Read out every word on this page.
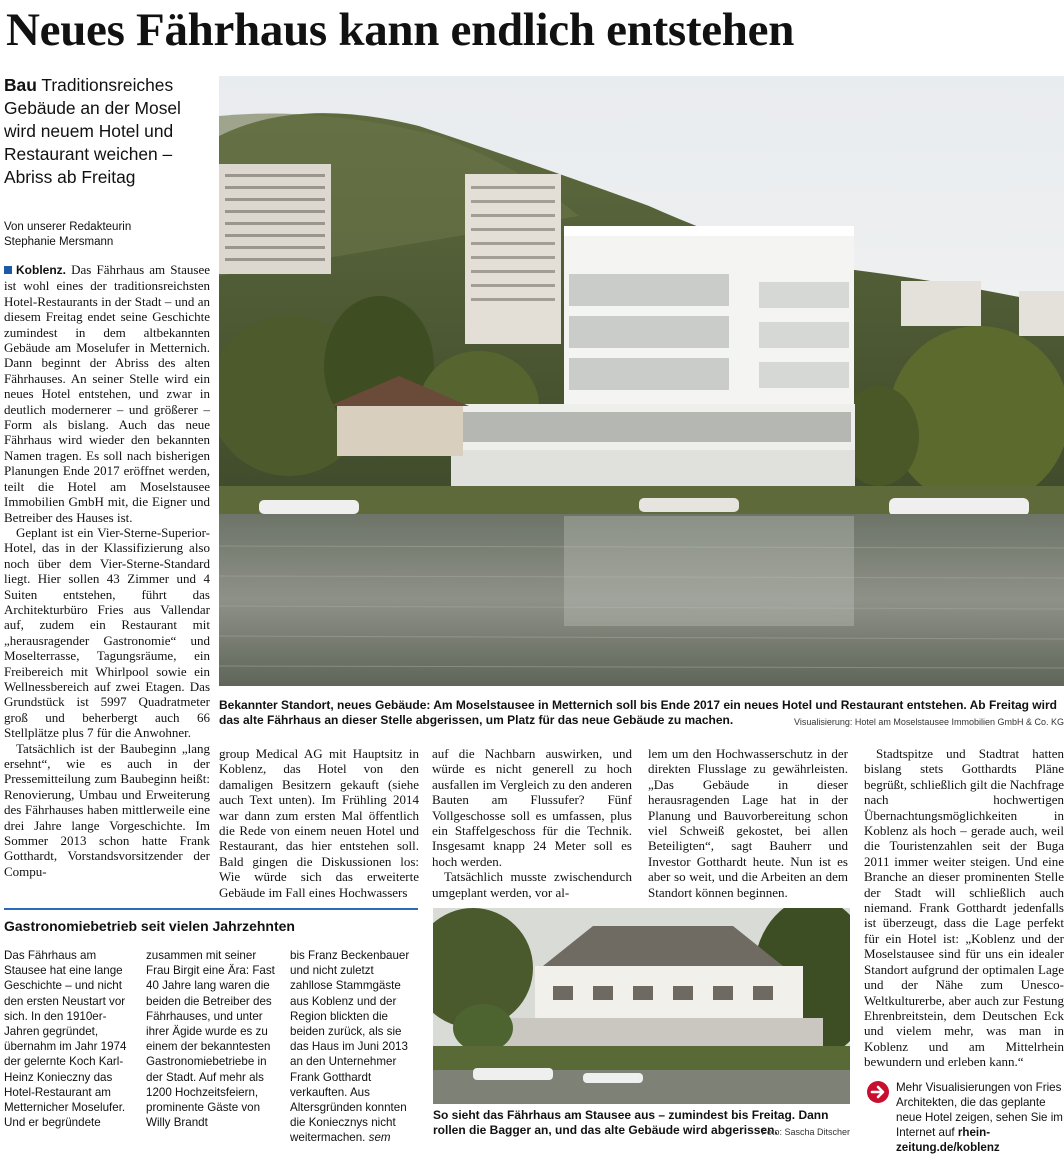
Neues Fährhaus kann endlich entstehen
Bau Traditionsreiches Gebäude an der Mosel wird neuem Hotel und Restaurant weichen – Abriss ab Freitag
Von unserer Redakteurin
Stephanie Mersmann
Bekannter Standort, neues Gebäude: Am Moselstausee in Metternich soll bis Ende 2017 ein neues Hotel und Restaurant entstehen. Ab Freitag wird das alte Fährhaus an dieser Stelle abgerissen, um Platz für das neue Gebäude zu machen.	Visualisierung: Hotel am Moselstausee Immobilien GmbH & Co. KG

Koblenz. Das Fährhaus am Stausee ist wohl eines der traditionsreichsten Hotel-Restaurants in der Stadt – und an diesem Freitag endet seine Geschichte zumindest in dem altbekannten Gebäude am Moselufer in Metternich. Dann beginnt der Abriss des alten Fährhauses. An seiner Stelle wird ein neues Hotel entstehen, und zwar in deutlich modernerer – und größerer – Form als bislang. Auch das neue Fährhaus wird wieder den bekannten Namen tragen. Es soll nach bisherigen Planungen Ende 2017 eröffnet werden, teilt die Hotel am Moselstausee Immobilien GmbH mit, die Eigner und Betreiber des Hauses ist.

Geplant ist ein Vier-Sterne-Superior-Hotel, das in der Klassifizierung also noch über dem Vier-Sterne-Standard liegt. Hier sollen 43 Zimmer und 4 Suiten entstehen, führt das Architekturbüro Fries aus Vallendar auf, zudem ein Restaurant mit „herausragender Gastronomie“ und Moselterrasse, Tagungsräume, ein Freibereich mit Whirlpool sowie ein Wellnessbereich auf zwei Etagen. Das Grundstück ist 5997 Quadratmeter groß und beherbergt auch 66 Stellplätze plus 7 für die Anwohner.

Tatsächlich ist der Baubeginn „lang ersehnt“, wie es auch in der Pressemitteilung zum Baubeginn heißt: Renovierung, Umbau und Erweiterung des Fährhauses haben mittlerweile eine drei Jahre lange Vorgeschichte. Im Sommer 2013 schon hatte Frank Gotthardt, Vorstandsvorsitzender der Compu-

group Medical AG mit Hauptsitz in Koblenz, das Hotel von den damaligen Besitzern gekauft (siehe auch Text unten). Im Frühling 2014 war dann zum ersten Mal öffentlich die Rede von einem neuen Hotel und Restaurant, das hier entstehen soll. Bald gingen die Diskussionen los: Wie würde sich das erweiterte Gebäude im Fall eines Hochwassers

auf die Nachbarn auswirken, und würde es nicht generell zu hoch ausfallen im Vergleich zu den anderen Bauten am Flussufer? Fünf Vollgeschosse soll es umfassen, plus ein Staffelgeschoss für die Technik. Insgesamt knapp 24 Meter soll es hoch werden.

Tatsächlich musste zwischendurch umgeplant werden, vor al-

lem um den Hochwasserschutz in der direkten Flusslage zu gewährleisten. „Das Gebäude in dieser herausragenden Lage hat in der Planung und Bauvorbereitung schon viel Schweiß gekostet, bei allen Beteiligten“, sagt Bauherr und Investor Gotthardt heute. Nun ist es aber so weit, und die Arbeiten an dem Standort können beginnen.

Stadtspitze und Stadtrat hatten bislang stets Gotthardts Pläne begrüßt, schließlich gilt die Nachfrage nach hochwertigen Übernachtungsmöglichkeiten in Koblenz als hoch – gerade auch, weil die Touristenzahlen seit der Buga 2011 immer weiter steigen. Und eine Branche an dieser prominenten Stelle der Stadt will schließlich auch niemand. Frank Gotthardt jedenfalls ist überzeugt, dass die Lage perfekt für ein Hotel ist: „Koblenz und der Moselstausee sind für uns ein idealer Standort aufgrund der optimalen Lage und der Nähe zum Unesco-Weltkulturerbe, aber auch zur Festung Ehrenbreitstein, dem Deutschen Eck und vielem mehr, was man in Koblenz und am Mittelrhein bewundern und erleben kann.“

Gastronomiebetrieb seit vielen Jahrzehnten

Das Fährhaus am Stausee hat eine lange Geschichte – und nicht den ersten Neustart vor sich. In den 1910er-Jahren gegründet, übernahm im Jahr 1974 der gelernte Koch Karl-Heinz Konieczny das Hotel-Restaurant am Metternicher Moselufer. Und er begründete

zusammen mit seiner Frau Birgit eine Ära: Fast 40 Jahre lang waren die beiden die Betreiber des Fährhauses, und unter ihrer Ägide wurde es zu einem der bekanntesten Gastronomiebetriebe in der Stadt. Auf mehr als 1200 Hochzeitsfeiern, prominente Gäste von Willy Brandt

bis Franz Beckenbauer und nicht zuletzt zahllose Stammgäste aus Koblenz und der Region blickten die beiden zurück, als sie das Haus im Juni 2013 an den Unternehmer Frank Gotthardt verkauften. Aus Altersgründen konnten die Koniecznys nicht weitermachen. sem

So sieht das Fährhaus am Stausee aus – zumindest bis Freitag. Dann rollen die Bagger an, und das alte Gebäude wird abgerissen.
Foto: Sascha Ditscher
Mehr Visualisierungen von Fries Architekten, die das geplante neue Hotel zeigen, sehen Sie im Internet auf rhein-zeitung.de/koblenz
